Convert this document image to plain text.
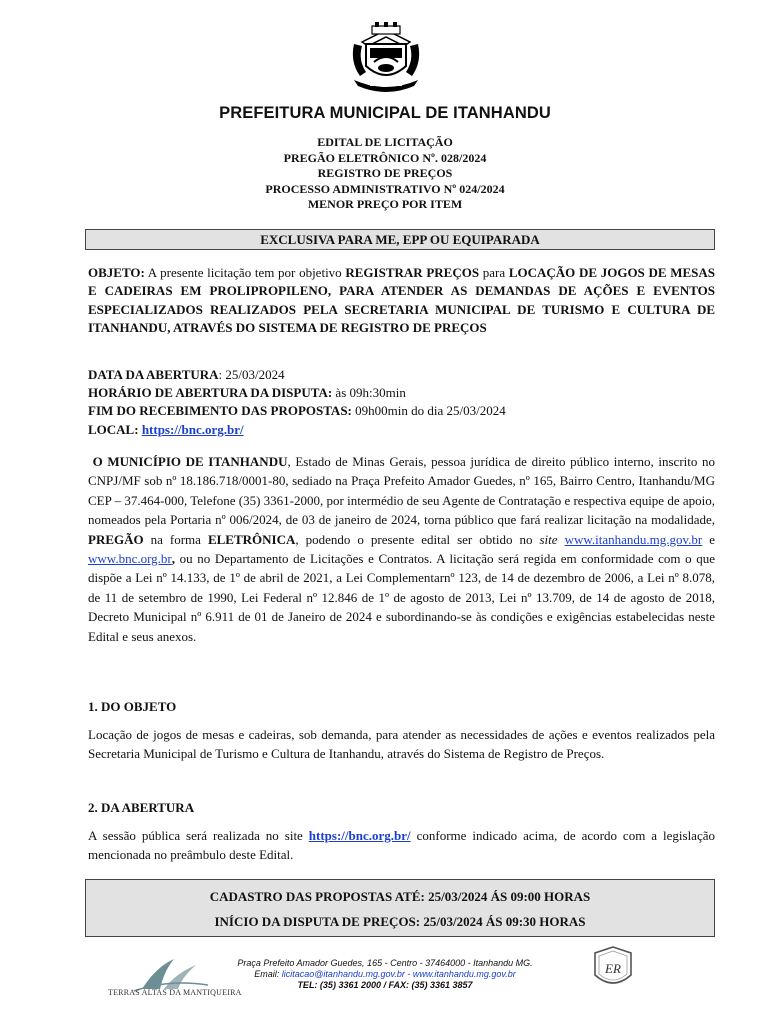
PREFEITURA MUNICIPAL DE ITANHANDU
EDITAL DE LICITAÇÃO
PREGÃO ELETRÔNICO Nº. 028/2024
REGISTRO DE PREÇOS
PROCESSO ADMINISTRATIVO Nº 024/2024
MENOR PREÇO POR ITEM
EXCLUSIVA PARA ME, EPP OU EQUIPARADA
OBJETO: A presente licitação tem por objetivo REGISTRAR PREÇOS para LOCAÇÃO DE JOGOS DE MESAS E CADEIRAS EM PROLIPROPILENO, PARA ATENDER AS DEMANDAS DE AÇÕES E EVENTOS ESPECIALIZADOS REALIZADOS PELA SECRETARIA MUNICIPAL DE TURISMO E CULTURA DE ITANHANDU, ATRAVÉS DO SISTEMA DE REGISTRO DE PREÇOS
DATA DA ABERTURA: 25/03/2024
HORÁRIO DE ABERTURA DA DISPUTA: às 09h:30min
FIM DO RECEBIMENTO DAS PROPOSTAS: 09h00min do dia 25/03/2024
LOCAL: https://bnc.org.br/
O MUNICÍPIO DE ITANHANDU, Estado de Minas Gerais, pessoa jurídica de direito público interno, inscrito no CNPJ/MF sob nº 18.186.718/0001-80, sediado na Praça Prefeito Amador Guedes, nº 165, Bairro Centro, Itanhandu/MG CEP – 37.464-000, Telefone (35) 3361-2000, por intermédio de seu Agente de Contratação e respectiva equipe de apoio, nomeados pela Portaria nº 006/2024, de 03 de janeiro de 2024, torna público que fará realizar licitação na modalidade, PREGÃO na forma ELETRÔNICA, podendo o presente edital ser obtido no site www.itanhandu.mg.gov.br e www.bnc.org.br, ou no Departamento de Licitações e Contratos. A licitação será regida em conformidade com o que dispõe a Lei nº 14.133, de 1º de abril de 2021, a Lei Complementarnº 123, de 14 de dezembro de 2006, a Lei nº 8.078, de 11 de setembro de 1990, Lei Federal nº 12.846 de 1º de agosto de 2013, Lei nº 13.709, de 14 de agosto de 2018, Decreto Municipal nº 6.911 de 01 de Janeiro de 2024 e subordinando-se às condições e exigências estabelecidas neste Edital e seus anexos.
1. DO OBJETO
Locação de jogos de mesas e cadeiras, sob demanda, para atender as necessidades de ações e eventos realizados pela Secretaria Municipal de Turismo e Cultura de Itanhandu, através do Sistema de Registro de Preços.
2. DA ABERTURA
A sessão pública será realizada no site https://bnc.org.br/ conforme indicado acima, de acordo com a legislação mencionada no preâmbulo deste Edital.
CADASTRO DAS PROPOSTAS ATÉ: 25/03/2024 ÁS 09:00 HORAS
INÍCIO DA DISPUTA DE PREÇOS: 25/03/2024 ÁS 09:30 HORAS
TERRAS ALTAS DA MANTIQUEIRA
Praça Prefeito Amador Guedes, 165 - Centro - 37464000 - Itanhandu MG.
Email: licitacao@itanhandu.mg.gov.br - www.itanhandu.mg.gov.br
TEL: (35) 3361 2000 / FAX: (35) 3361 3857
ER
